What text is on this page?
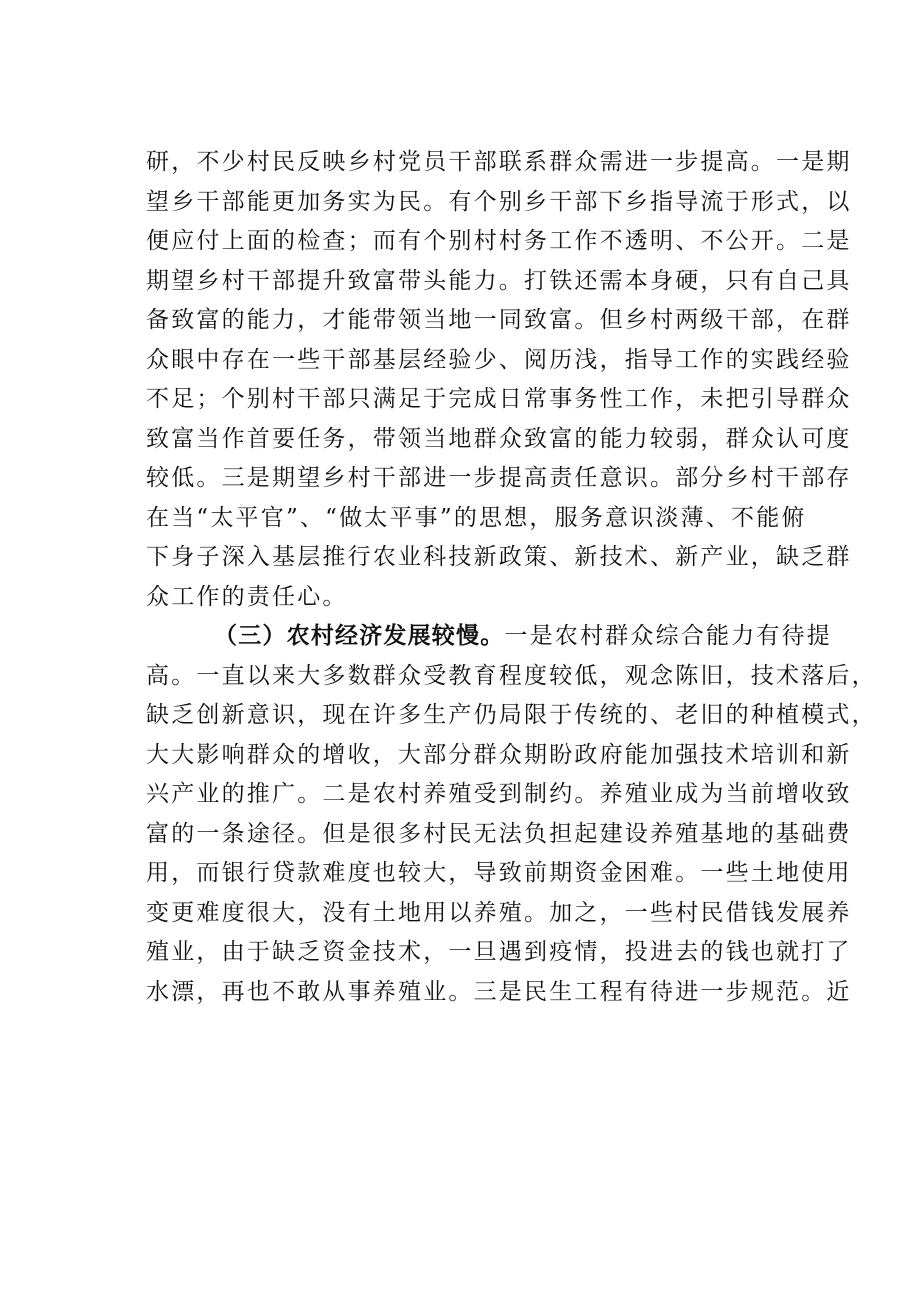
研，不少村民反映乡村党员干部联系群众需进一步提高。一是期
望乡干部能更加务实为民。有个别乡干部下乡指导流于形式，以
便应付上面的检查；而有个别村村务工作不透明、不公开。二是
期望乡村干部提升致富带头能力。打铁还需本身硬，只有自己具
备致富的能力，才能带领当地一同致富。但乡村两级干部，在群
众眼中存在一些干部基层经验少、阅历浅，指导工作的实践经验
不足；个别村干部只满足于完成日常事务性工作，未把引导群众
致富当作首要任务，带领当地群众致富的能力较弱，群众认可度
较低。三是期望乡村干部进一步提高责任意识。部分乡村干部存
在当“太平官”、“做太平事”的思想，服务意识淡薄、不能俯
下身子深入基层推行农业科技新政策、新技术、新产业，缺乏群
众工作的责任心。
（三）农村经济发展较慢。一是农村群众综合能力有待提
高。一直以来大多数群众受教育程度较低，观念陈旧，技术落后，
缺乏创新意识，现在许多生产仍局限于传统的、老旧的种植模式，
大大影响群众的增收，大部分群众期盼政府能加强技术培训和新
兴产业的推广。二是农村养殖受到制约。养殖业成为当前增收致
富的一条途径。但是很多村民无法负担起建设养殖基地的基础费
用，而银行贷款难度也较大，导致前期资金困难。一些土地使用
变更难度很大，没有土地用以养殖。加之，一些村民借钱发展养
殖业，由于缺乏资金技术，一旦遇到疫情，投进去的钱也就打了
水漂，再也不敢从事养殖业。三是民生工程有待进一步规范。近
